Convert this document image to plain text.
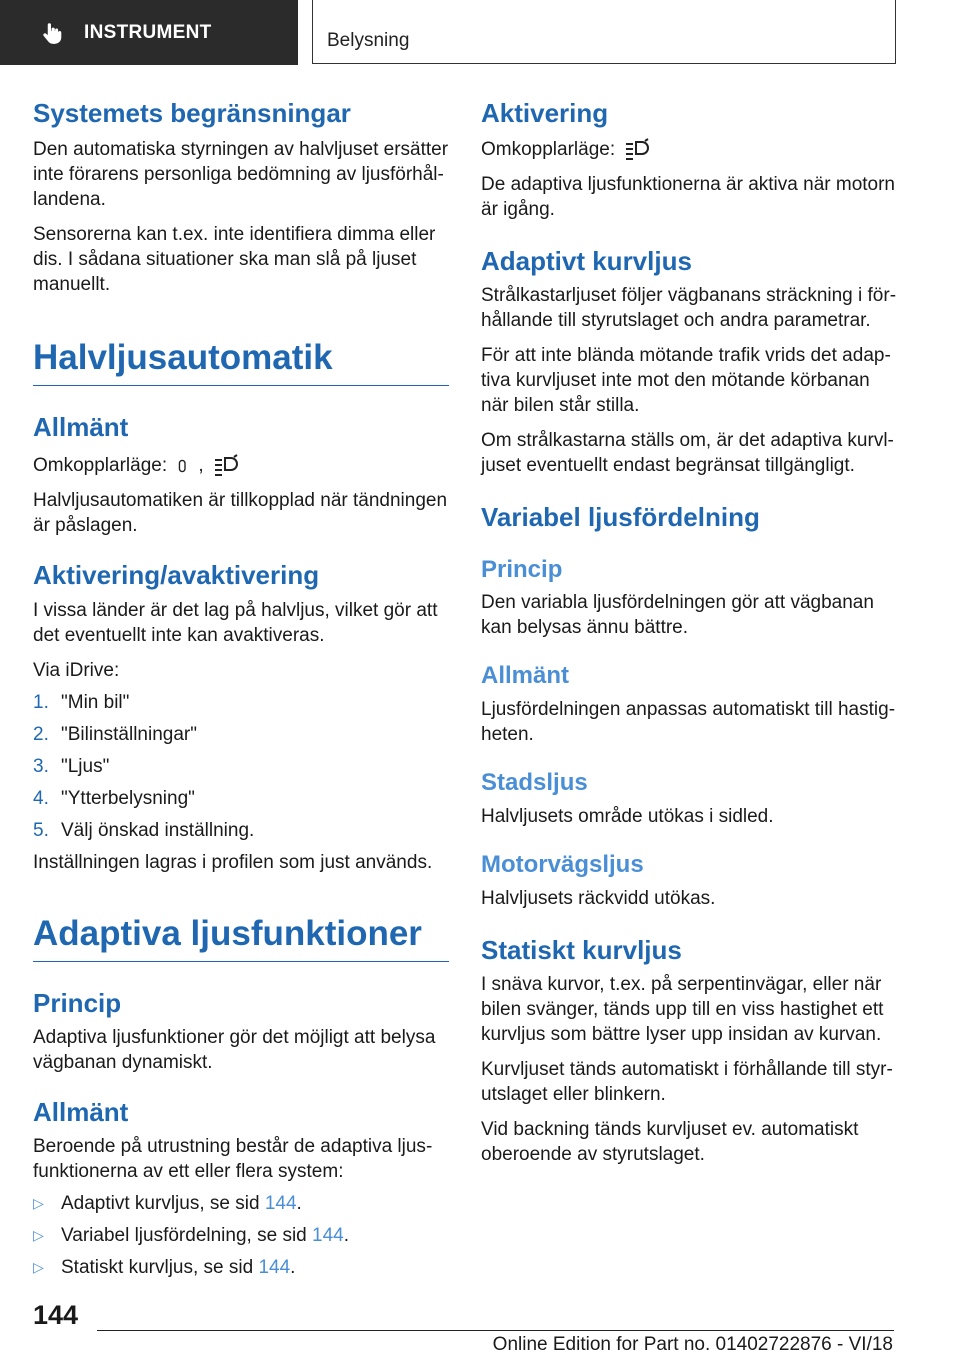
INSTRUMENT	Belysning
Systemets begränsningar

Den automatiska styrningen av halvljuset ersätter inte förarens personliga bedömning av ljusförhållandena.

Sensorerna kan t.ex. inte identifiera dimma eller dis. I sådana situationer ska man slå på ljuset manuellt.

Halvljusautomatik
Allmänt

Omkopplarläge: ,

Halvljusautomatiken är tillkopplad när tändningen är påslagen.

Aktivering/avaktivering

I vissa länder är det lag på halvljus, vilket gör att det eventuellt inte kan avaktiveras.

Via iDrive:

1. "Min bil"
2. "Bilinställningar"
3. "Ljus"
4. "Ytterbelysning"
5. Välj önskad inställning.

Inställningen lagras i profilen som just används.

Adaptiva ljusfunktioner
Princip

Adaptiva ljusfunktioner gör det möjligt att belysa vägbanan dynamiskt.

Allmänt

Beroende på utrustning består de adaptiva ljusfunktionerna av ett eller flera system:

▷ Adaptivt kurvljus, se sid 144.
▷ Variabel ljusfördelning, se sid 144.
▷ Statiskt kurvljus, se sid 144.
Aktivering

Omkopplarläge:

De adaptiva ljusfunktionerna är aktiva när motorn är igång.

Adaptivt kurvljus

Strålkastarljuset följer vägbanans sträckning i förhållande till styrutslaget och andra parametrar.

För att inte blända mötande trafik vrids det adaptiva kurvljuset inte mot den mötande körbanan när bilen står stilla.

Om strålkastarna ställs om, är det adaptiva kurvljuset eventuellt endast begränsat tillgängligt.

Variabel ljusfördelning
Princip

Den variabla ljusfördelningen gör att vägbanan kan belysas ännu bättre.

Allmänt

Ljusfördelningen anpassas automatiskt till hastigheten.

Stadsljus

Halvljusets område utökas i sidled.

Motorvägsljus

Halvljusets räckvidd utökas.

Statiskt kurvljus

I snäva kurvor, t.ex. på serpentinvägar, eller när bilen svänger, tänds upp till en viss hastighet ett kurvljus som bättre lyser upp insidan av kurvan.

Kurvljuset tänds automatiskt i förhållande till styrutslaget eller blinkern.

Vid backning tänds kurvljuset ev. automatiskt oberoende av styrutslaget.

144
Online Edition for Part no. 01402722876 - VI/18
